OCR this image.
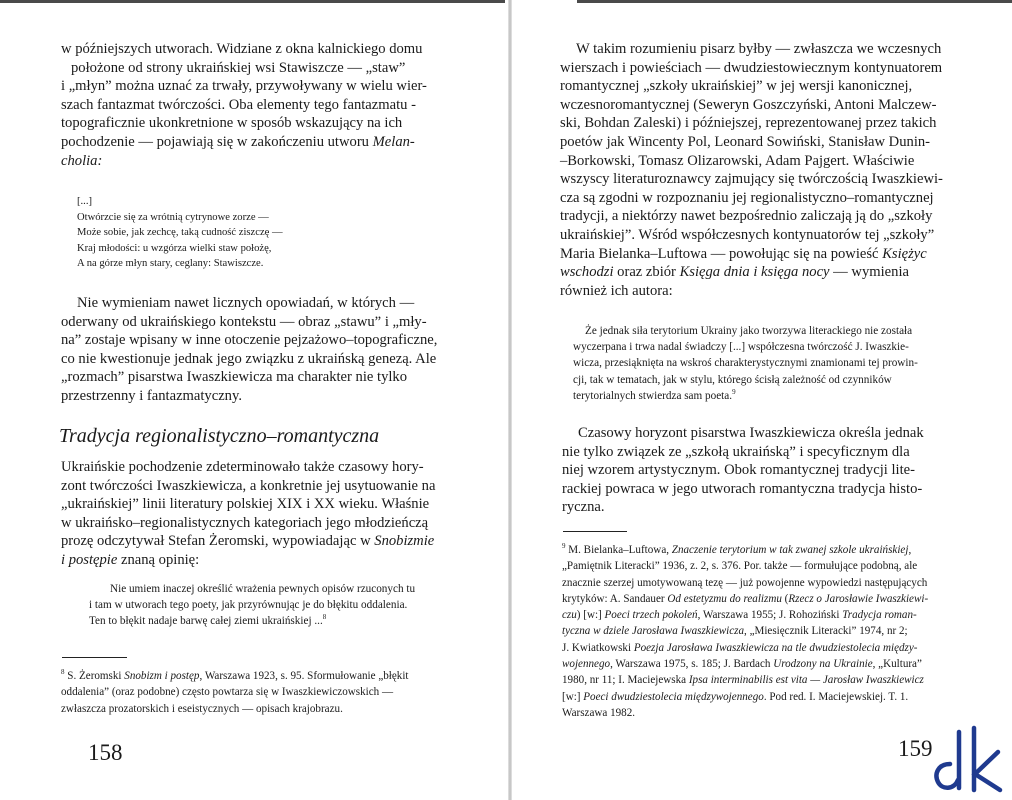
w późniejszych utworach. Widziane z okna kalnickiego domu
położone od strony ukraińskiej wsi Stawiszcze — „staw”
i „młyn” można uznać za trwały, przywoływany w wielu wier-
szach fantazmat twórczości. Oba elementy tego fantazmatu -
topograficznie ukonkretnione w sposób wskazujący na ich
pochodzenie — pojawiają się w zakończeniu utworu Melan-
cholia:
[...]
Otwórzcie się za wrótnią cytrynowe zorze —
Może sobie, jak zechcę, taką cudność ziszczę —
Kraj młodości: u wzgórza wielki staw położę,
A na górze młyn stary, ceglany: Stawiszcze.
Nie wymieniam nawet licznych opowiadań, w których —
oderwany od ukraińskiego kontekstu — obraz „stawu” i „mły-
na” zostaje wpisany w inne otoczenie pejzażowo–topograficzne,
co nie kwestionuje jednak jego związku z ukraińską genezą. Ale
„rozmach” pisarstwa Iwaszkiewicza ma charakter nie tylko
przestrzenny i fantazmatyczny.
Tradycja regionalistyczno–romantyczna
Ukraińskie pochodzenie zdeterminowało także czasowy hory-
zont twórczości Iwaszkiewicza, a konkretnie jej usytuowanie na
„ukraińskiej” linii literatury polskiej XIX i XX wieku. Właśnie
w ukraińsko–regionalistycznych kategoriach jego młodzieńczą
prozę odczytywał Stefan Żeromski, wypowiadając w Snobizmie
i postępie znaną opinię:
Nie umiem inaczej określić wrażenia pewnych opisów rzuconych tu
i tam w utworach tego poety, jak przyrównując je do błękitu oddalenia.
Ten to błękit nadaje barwę całej ziemi ukraińskiej ...$^8$
$^8$ S. Żeromski Snobizm i postęp, Warszawa 1923, s. 95. Sformułowanie „błękit
oddalenia” (oraz podobne) często powtarza się w Iwaszkiewiczowskich —
zwłaszcza prozatorskich i eseistycznych — opisach krajobrazu.
158
W takim rozumieniu pisarz byłby — zwłaszcza we wczesnych
wierszach i powieściach — dwudziestowiecznym kontynuatorem
romantycznej „szkoły ukraińskiej” w jej wersji kanonicznej,
wczesnoromantycznej (Seweryn Goszczyński, Antoni Malczew-
ski, Bohdan Zaleski) i późniejszej, reprezentowanej przez takich
poetów jak Wincenty Pol, Leonard Sowiński, Stanisław Dunin-
–Borkowski, Tomasz Olizarowski, Adam Pajgert. Właściwie
wszyscy literaturoznawcy zajmujący się twórczością Iwaszkiewi-
cza są zgodni w rozpoznaniu jej regionalistyczno–romantycznej
tradycji, a niektórzy nawet bezpośrednio zaliczają ją do „szkoły
ukraińskiej”. Wśród współczesnych kontynuatorów tej „szkoły”
Maria Bielanka–Luftowa — powołując się na powieść Księżyc
wschodzi oraz zbiór Księga dnia i księga nocy — wymienia
również ich autora:
Że jednak siła terytorium Ukrainy jako tworzywa literackiego nie została
wyczerpana i trwa nadal świadczy [...] współczesna twórczość J. Iwaszkie-
wicza, przesiąknięta na wskroś charakterystycznymi znamionami tej prowin-
cji, tak w tematach, jak w stylu, którego ścisłą zależność od czynników
terytorialnych stwierdza sam poeta.$^9$
Czasowy horyzont pisarstwa Iwaszkiewicza określa jednak
nie tylko związek ze „szkołą ukraińską” i specyficznym dla
niej wzorem artystycznym. Obok romantycznej tradycji lite-
rackiej powraca w jego utworach romantyczna tradycja histo-
ryczna.
$^9$ M. Bielanka–Luftowa, Znaczenie terytorium w tak zwanej szkole ukraińskiej,
„Pamiętnik Literacki” 1936, z. 2, s. 376. Por. także — formułujące podobną, ale
znacznie szerzej umotywowaną tezę — już powojenne wypowiedzi następujących
krytyków: A. Sandauer Od estetyzmu do realizmu (Rzecz o Jarosławie Iwaszkiewi-
czu) [w:] Poeci trzech pokoleń, Warszawa 1955; J. Rohoziński Tradycja roman-
tyczna w dziele Jarosława Iwaszkiewicza, „Miesięcznik Literacki” 1974, nr 2;
J. Kwiatkowski Poezja Jarosława Iwaszkiewicza na tle dwudziestolecia między-
wojennego, Warszawa 1975, s. 185; J. Bardach Urodzony na Ukrainie, „Kultura”
1980, nr 11; I. Maciejewska Ipsa interminabilis est vita — Jarosław Iwaszkiewicz
[w:] Poeci dwudziestolecia międzywojennego. Pod red. I. Maciejewskiej. T. 1.
Warszawa 1982.
159
